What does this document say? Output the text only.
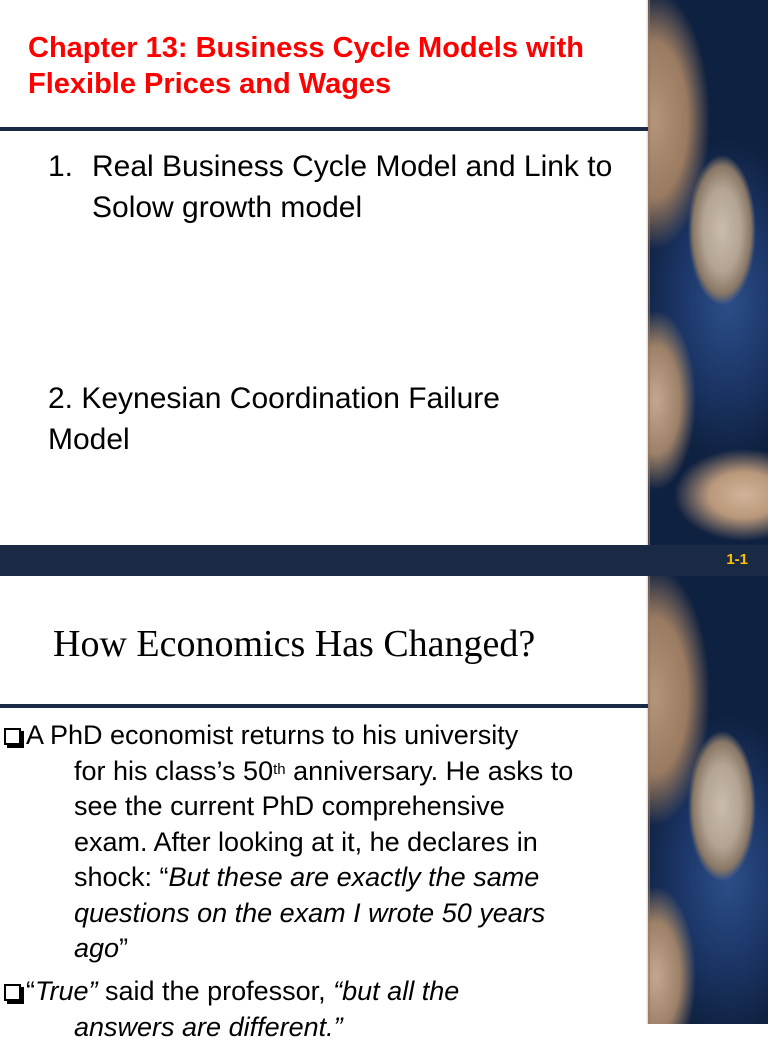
Chapter 13: Business Cycle Models with Flexible Prices and Wages
1. Real Business Cycle Model and Link to Solow growth model
2. Keynesian Coordination Failure Model
1-1
How Economics Has Changed?
A PhD economist returns to his university
for his class’s 50th anniversary. He asks to
see the current PhD comprehensive
exam. After looking at it, he declares in
shock: “But these are exactly the same
questions on the exam I wrote 50 years
ago”
“True” said the professor, “but all the
answers are different.”
